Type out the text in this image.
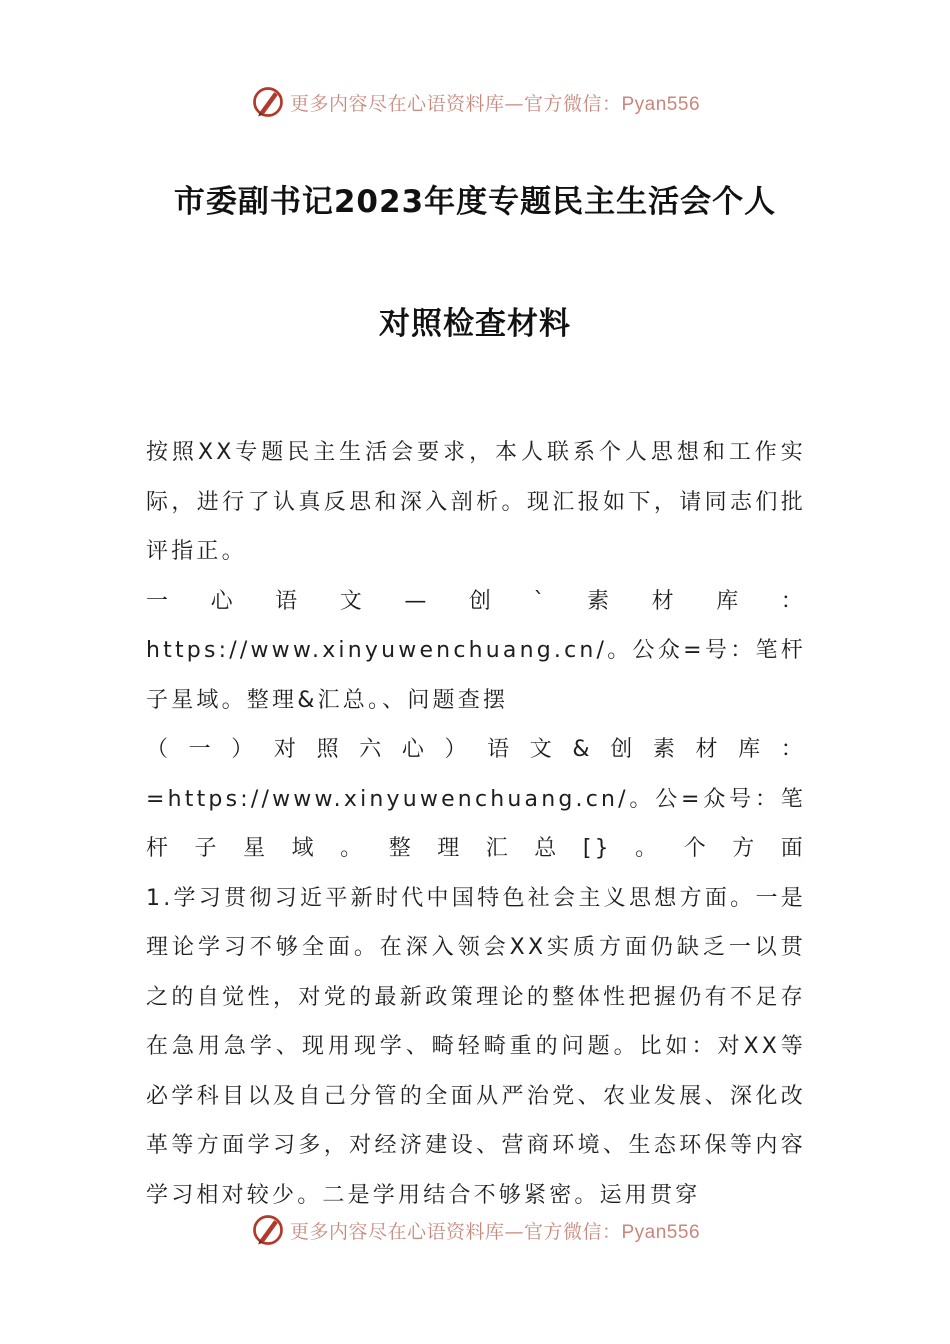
更多内容尽在心语资料库—官方微信：Pyan556
市委副书记2023年度专题民主生活会个人
对照检查材料

按照XX专题民主生活会要求，本人联系个人思想和工作实际，进行了认真反思和深入剖析。现汇报如下，请同志们批评指正。

一心语文—创`素材库：https://www.xinyuwenchuang.cn/。公众=号：笔杆子星域。整理&汇总。、问题查摆

（一）对照六心）语文&创素材库：=https://www.xinyuwenchuang.cn/。公=众号：笔杆子星域。整理汇总[}。个方面

1.学习贯彻习近平新时代中国特色社会主义思想方面。一是理论学习不够全面。在深入领会XX实质方面仍缺乏一以贯之的自觉性，对党的最新政策理论的整体性把握仍有不足存在急用急学、现用现学、畸轻畸重的问题。比如：对XX等必学科目以及自己分管的全面从严治党、农业发展、深化改革等方面学习多，对经济建设、营商环境、生态环保等内容学习相对较少。二是学用结合不够紧密。运用贯穿

更多内容尽在心语资料库—官方微信：Pyan556
